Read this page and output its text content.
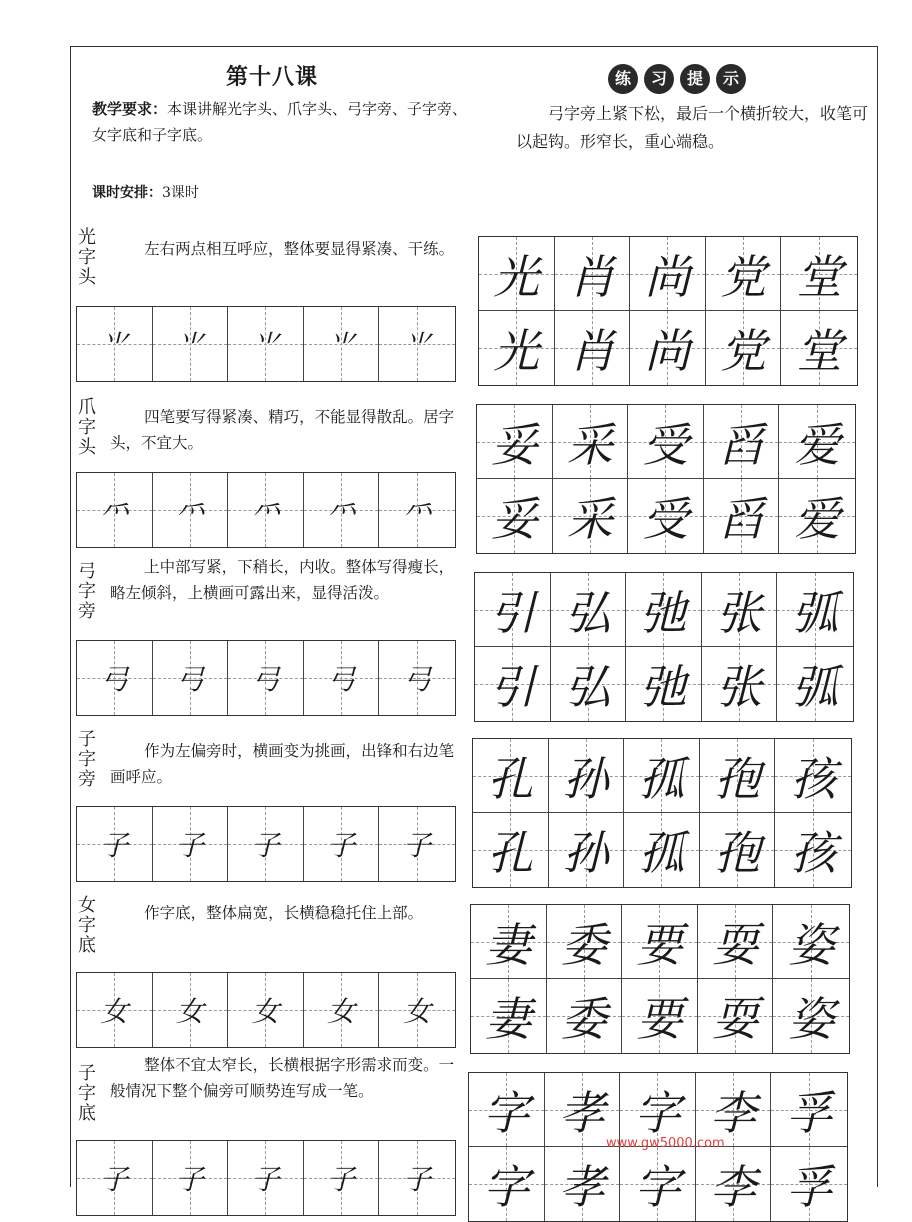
第十八课
教学要求：本课讲解光字头、爪字头、弓字旁、子字旁、女字底和子字底。
课时安排：3课时
练	习	提	示
弓字旁上紧下松，最后一个横折较大，收笔可以起钩。形窄长，重心端稳。
光字头
左右两点相互呼应，整体要显得紧凑、干练。
⺌ ⺌ ⺌ ⺌ ⺌
光 肖 尚 党 堂
光 肖 尚 党 堂
爪字头
四笔要写得紧凑、精巧，不能显得散乱。居字头，不宜大。
⺤ ⺤ ⺤ ⺤ ⺤
妥 采 受 舀 爱
妥 采 受 舀 爱
弓字旁
上中部写紧，下稍长，内收。整体写得瘦长，略左倾斜，上横画可露出来，显得活泼。
弓 弓 弓 弓 弓
引 弘 弛 张 弧
引 弘 弛 张 弧
子字旁
作为左偏旁时，横画变为挑画，出锋和右边笔画呼应。
子 子 子 子 子
孔 孙 孤 孢 孩
孔 孙 孤 孢 孩
女字底
作字底，整体扁宽，长横稳稳托住上部。
女 女 女 女 女
妻 委 要 耍 姿
妻 委 要 耍 姿
子字底
整体不宜太窄长，长横根据字形需求而变。一般情况下整个偏旁可顺势连写成一笔。
子 子 子 子 子
字 孝 字 李 孚
字 孝 字 李 孚
www.gw5000.com
